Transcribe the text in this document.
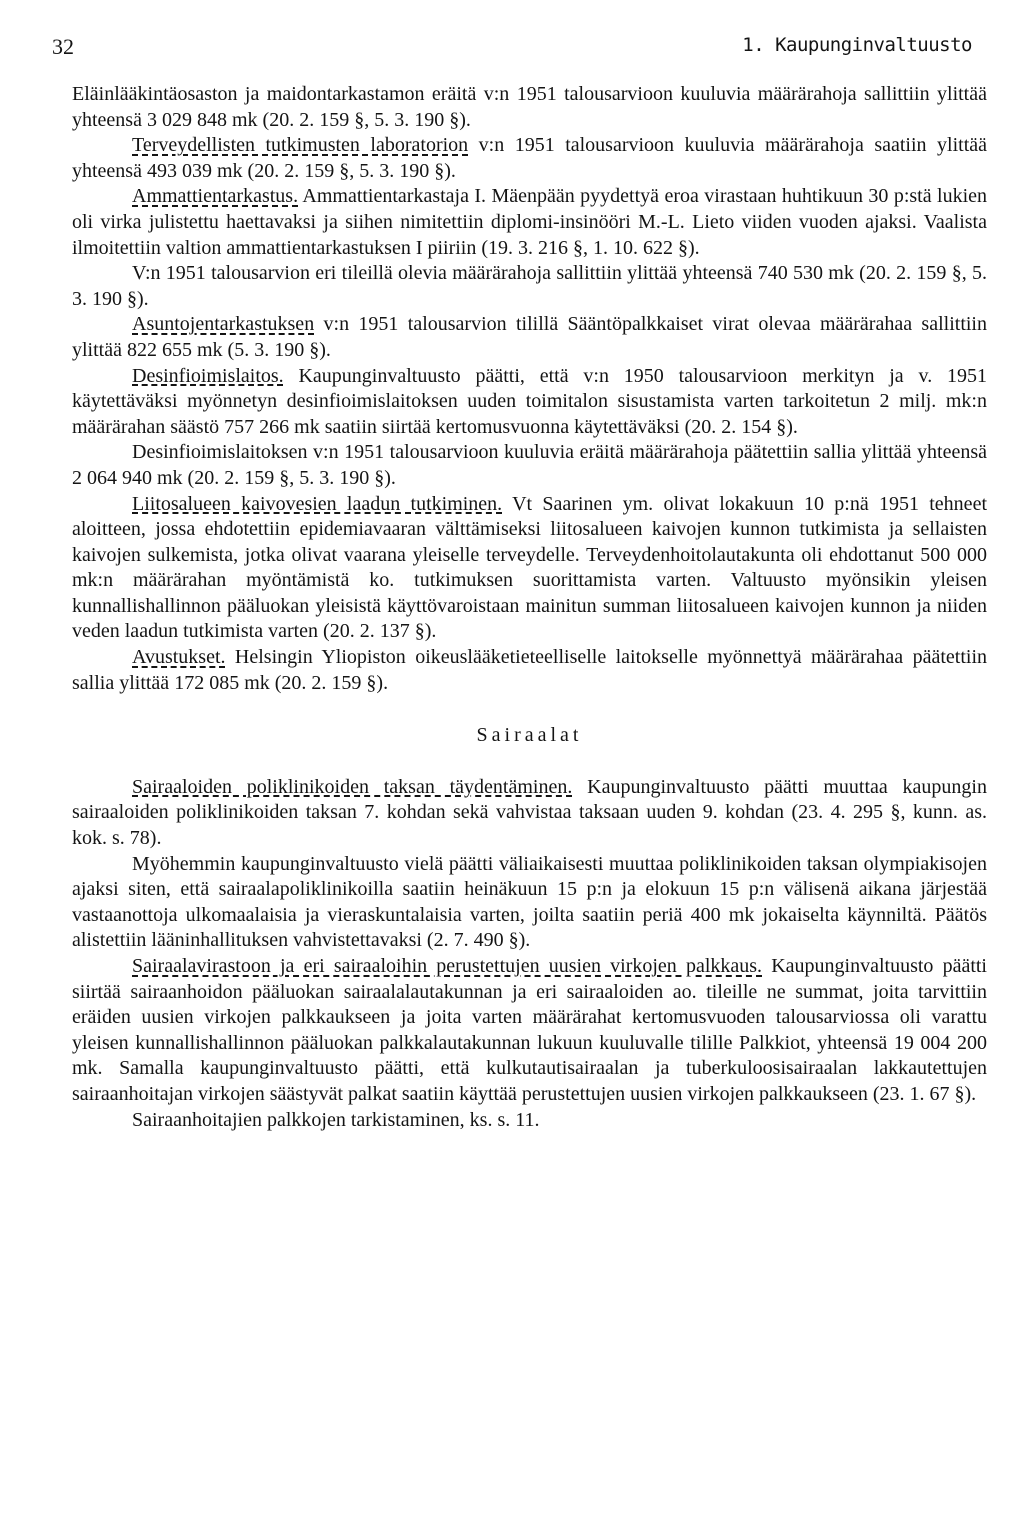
32	1. Kaupunginvaltuusto

Eläinlääkintäosaston ja maidontarkastamon eräitä v:n 1951 talousarvioon kuuluvia määrärahoja sallittiin ylittää yhteensä 3 029 848 mk (20. 2. 159 §, 5. 3. 190 §).

Terveydellisten tutkimusten laboratorion v:n 1951 talousarvioon kuuluvia määrärahoja saatiin ylittää yhteensä 493 039 mk (20. 2. 159 §, 5. 3. 190 §).

Ammattientarkastus. Ammattientarkastaja I. Mäenpään pyydettyä eroa virastaan huhtikuun 30 p:stä lukien oli virka julistettu haettavaksi ja siihen nimitettiin diplomi-insinööri M.-L. Lieto viiden vuoden ajaksi. Vaalista ilmoitettiin valtion ammattientarkastuksen I piiriin (19. 3. 216 §, 1. 10. 622 §).

V:n 1951 talousarvion eri tileillä olevia määrärahoja sallittiin ylittää yhteensä 740 530 mk (20. 2. 159 §, 5. 3. 190 §).

Asuntojentarkastuksen v:n 1951 talousarvion tilillä Sääntöpalkkaiset virat olevaa määrärahaa sallittiin ylittää 822 655 mk (5. 3. 190 §).

Desinfioimislaitos. Kaupunginvaltuusto päätti, että v:n 1950 talousarvioon merkityn ja v. 1951 käytettäväksi myönnetyn desinfioimislaitoksen uuden toimitalon sisustamista varten tarkoitetun 2 milj. mk:n määrärahan säästö 757 266 mk saatiin siirtää kertomusvuonna käytettäväksi (20. 2. 154 §).

Desinfioimislaitoksen v:n 1951 talousarvioon kuuluvia eräitä määrärahoja päätettiin sallia ylittää yhteensä 2 064 940 mk (20. 2. 159 §, 5. 3. 190 §).

Liitosalueen kaivovesien laadun tutkiminen. Vt Saarinen ym. olivat lokakuun 10 p:nä 1951 tehneet aloitteen, jossa ehdotettiin epidemiavaaran välttämiseksi liitosalueen kaivojen kunnon tutkimista ja sellaisten kaivojen sulkemista, jotka olivat vaarana yleiselle terveydelle. Terveydenhoitolautakunta oli ehdottanut 500 000 mk:n määrärahan myöntämistä ko. tutkimuksen suorittamista varten. Valtuusto myönsikin yleisen kunnallishallinnon pääluokan yleisistä käyttövaroistaan mainitun summan liitosalueen kaivojen kunnon ja niiden veden laadun tutkimista varten (20. 2. 137 §).

Avustukset. Helsingin Yliopiston oikeuslääketieteelliselle laitokselle myönnettyä määrärahaa päätettiin sallia ylittää 172 085 mk (20. 2. 159 §).

Sairaalat

Sairaaloiden poliklinikoiden taksan täydentäminen. Kaupunginvaltuusto päätti muuttaa kaupungin sairaaloiden poliklinikoiden taksan 7. kohdan sekä vahvistaa taksaan uuden 9. kohdan (23. 4. 295 §, kunn. as. kok. s. 78).

Myöhemmin kaupunginvaltuusto vielä päätti väliaikaisesti muuttaa poliklinikoiden taksan olympiakisojen ajaksi siten, että sairaalapoliklinikoilla saatiin heinäkuun 15 p:n ja elokuun 15 p:n välisenä aikana järjestää vastaanottoja ulkomaalaisia ja vieraskuntalaisia varten, joilta saatiin periä 400 mk jokaiselta käynniltä. Päätös alistettiin lääninhallituksen vahvistettavaksi (2. 7. 490 §).

Sairaalavirastoon ja eri sairaaloihin perustettujen uusien virkojen palkkaus. Kaupunginvaltuusto päätti siirtää sairaanhoidon pääluokan sairaalalautakunnan ja eri sairaaloiden ao. tileille ne summat, joita tarvittiin eräiden uusien virkojen palkkaukseen ja joita varten määrärahat kertomusvuoden talousarviossa oli varattu yleisen kunnallishallinnon pääluokan palkkalautakunnan lukuun kuuluvalle tilille Palkkiot, yhteensä 19 004 200 mk. Samalla kaupunginvaltuusto päätti, että kulkutautisairaalan ja tuberkuloosisairaalan lakkautettujen sairaanhoitajan virkojen säästyvät palkat saatiin käyttää perustettujen uusien virkojen palkkaukseen (23. 1. 67 §).

Sairaanhoitajien palkkojen tarkistaminen, ks. s. 11.
